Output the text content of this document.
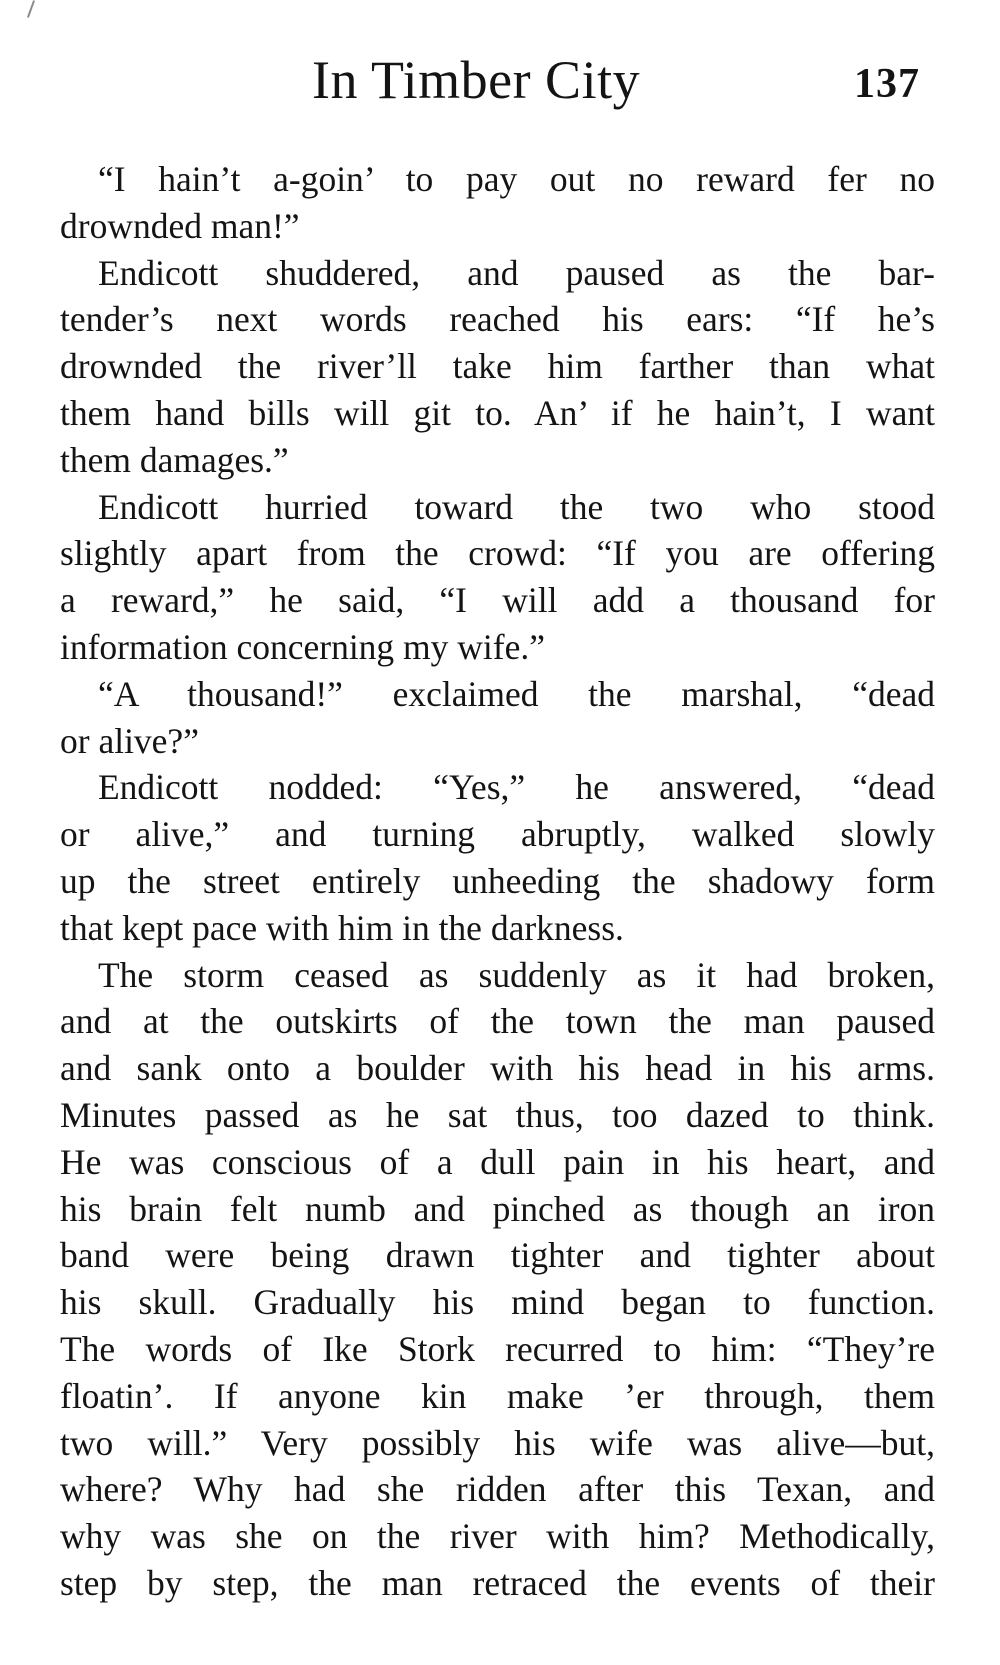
In Timber City	137

“I hain’t a-goin’ to pay out no reward fer no
drownded man!”

Endicott shuddered, and paused as the bar-
tender’s next words reached his ears: “If he’s
drownded the river’ll take him farther than what
them hand bills will git to. An’ if he hain’t, I want
them damages.”

Endicott hurried toward the two who stood
slightly apart from the crowd: “If you are offering
a reward,” he said, “I will add a thousand for
information concerning my wife.”

“A thousand!” exclaimed the marshal, “dead
or alive?”

Endicott nodded: “Yes,” he answered, “dead
or alive,” and turning abruptly, walked slowly
up the street entirely unheeding the shadowy form
that kept pace with him in the darkness.

The storm ceased as suddenly as it had broken,
and at the outskirts of the town the man paused
and sank onto a boulder with his head in his arms.
Minutes passed as he sat thus, too dazed to think.
He was conscious of a dull pain in his heart, and
his brain felt numb and pinched as though an iron
band were being drawn tighter and tighter about
his skull. Gradually his mind began to function.
The words of Ike Stork recurred to him: “They’re
floatin’. If anyone kin make ’er through, them
two will.” Very possibly his wife was alive—but,
where? Why had she ridden after this Texan, and
why was she on the river with him? Methodically,
step by step, the man retraced the events of their
